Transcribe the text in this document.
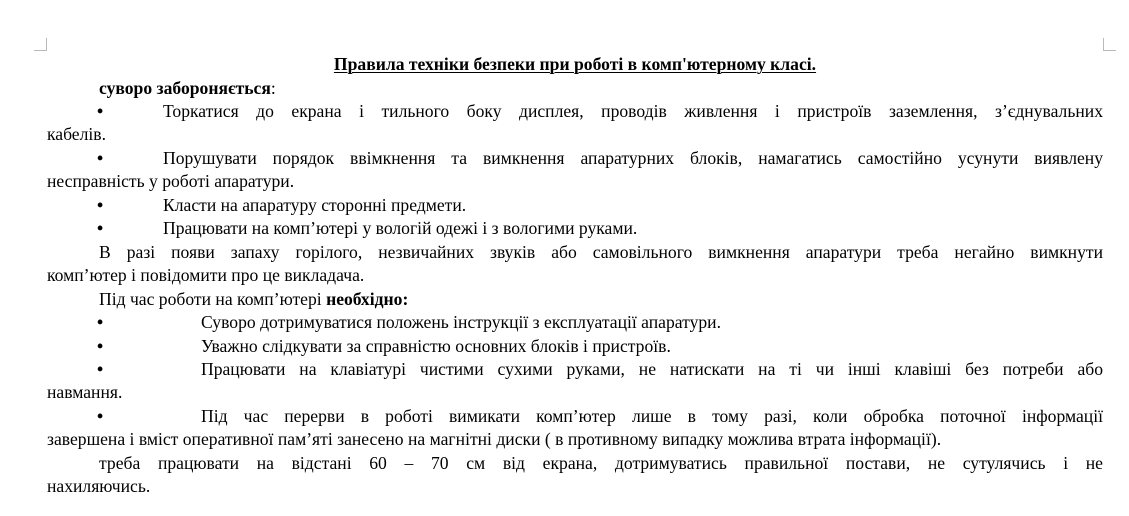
Правила техніки безпеки при роботі в комп'ютерному класі.
суворо забороняється:
•	Торкатися до екрана і тильного боку дисплея, проводів живлення і пристроїв заземлення, з’єднувальних
кабелів.
•	Порушувати порядок ввімкнення та вимкнення апаратурних блоків, намагатись самостійно усунути виявлену
несправність у роботі апаратури.
•	Класти на апаратуру сторонні предмети.
•	Працювати на комп’ютері у вологій одежі і з вологими руками.
В разі появи запаху горілого, незвичайних звуків або самовільного вимкнення апаратури треба негайно вимкнути
комп’ютер і повідомити про це викладача.
Під час роботи на комп’ютері необхідно:
•	Суворо дотримуватися положень інструкції з експлуатації апаратури.
•	Уважно слідкувати за справністю основних блоків і пристроїв.
•	Працювати на клавіатурі чистими сухими руками, не натискати на ті чи інші клавіші без потреби або
навмання.
•	Під час перерви в роботі вимикати комп’ютер лише в тому разі, коли обробка поточної інформації
завершена і вміст оперативної пам’яті занесено на магнітні диски ( в противному випадку можлива втрата інформації).
треба працювати на відстані 60 – 70 см від екрана, дотримуватись правильної постави, не сутулячись і не
нахиляючись.
